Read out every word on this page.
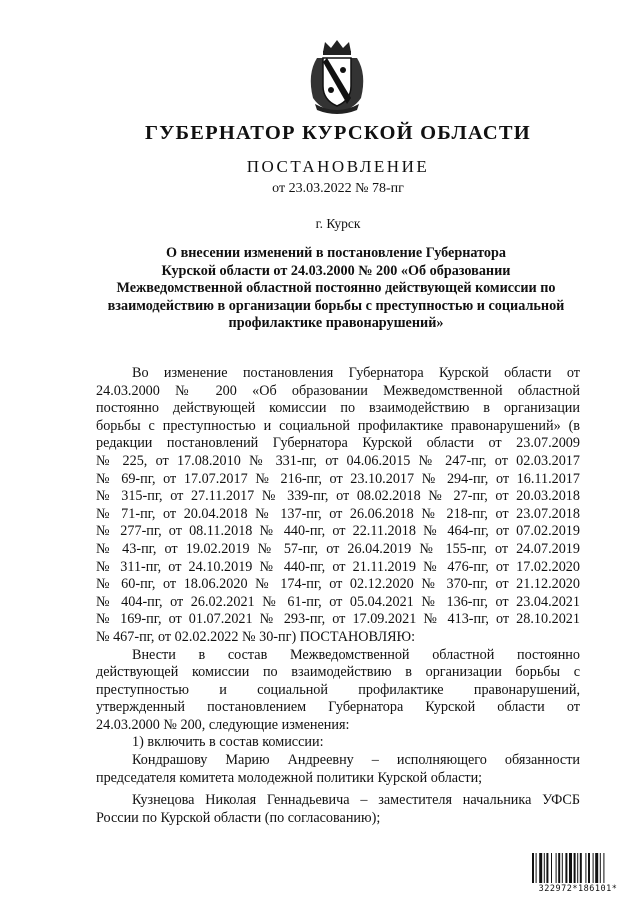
ГУБЕРНАТОР КУРСКОЙ ОБЛАСТИ
ПОСТАНОВЛЕНИЕ
от 23.03.2022 № 78-пг
г. Курск
О внесении изменений в постановление Губернатора
Курской области от 24.03.2000 № 200 «Об образовании
Межведомственной областной постоянно действующей комиссии по
взаимодействию в организации борьбы с преступностью и социальной
профилактике правонарушений»
Во изменение постановления Губернатора Курской области от
24.03.2000 № 200 «Об образовании Межведомственной областной
постоянно действующей комиссии по взаимодействию в организации
борьбы с преступностью и социальной профилактике правонарушений» (в
редакции постановлений Губернатора Курской области от 23.07.2009
№ 225, от 17.08.2010 № 331-пг, от 04.06.2015 № 247-пг, от 02.03.2017
№ 69-пг, от 17.07.2017 № 216-пг, от 23.10.2017 № 294-пг, от 16.11.2017
№ 315-пг, от 27.11.2017 № 339-пг, от 08.02.2018 № 27-пг, от 20.03.2018
№ 71-пг, от 20.04.2018 № 137-пг, от 26.06.2018 № 218-пг, от 23.07.2018
№ 277-пг, от 08.11.2018 № 440-пг, от 22.11.2018 № 464-пг, от 07.02.2019
№ 43-пг, от 19.02.2019 № 57-пг, от 26.04.2019 № 155-пг, от 24.07.2019
№ 311-пг, от 24.10.2019 № 440-пг, от 21.11.2019 № 476-пг, от 17.02.2020
№ 60-пг, от 18.06.2020 № 174-пг, от 02.12.2020 № 370-пг, от 21.12.2020
№ 404-пг, от 26.02.2021 № 61-пг, от 05.04.2021 № 136-пг, от 23.04.2021
№ 169-пг, от 01.07.2021 № 293-пг, от 17.09.2021 № 413-пг, от 28.10.2021
№ 467-пг, от 02.02.2022 № 30-пг) ПОСТАНОВЛЯЮ:
Внести в состав Межведомственной областной постоянно
действующей комиссии по взаимодействию в организации борьбы с
преступностью и социальной профилактике правонарушений,
утвержденный постановлением Губернатора Курской области от
24.03.2000 № 200, следующие изменения:
1) включить в состав комиссии:
Кондрашову Марию Андреевну – исполняющего обязанности
председателя комитета молодежной политики Курской области;
Кузнецова Николая Геннадьевича – заместителя начальника УФСБ
России по Курской области (по согласованию);
322972*186101*
